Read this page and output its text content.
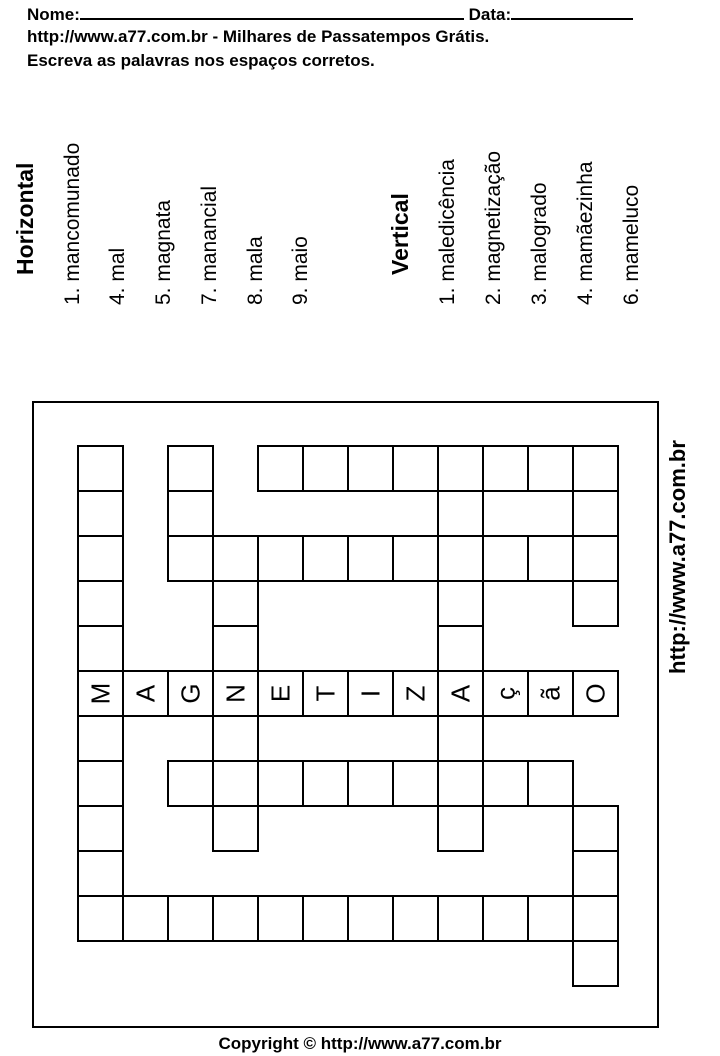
Nome:	Data:
http://www.a77.com.br - Milhares de Passatempos Grátis.
Escreva as palavras nos espaços corretos.
Horizontal 1. mancomunado 4. mal 5. magnata 7. manancial 8. mala 9. maio	Vertical 1. maledicência 2. magnetização 3. malogrado 4. mamãezinha 6. mameluco
http://www.a77.com.br
M A G N E T I Z A ç ã O
Copyright © http://www.a77.com.br
